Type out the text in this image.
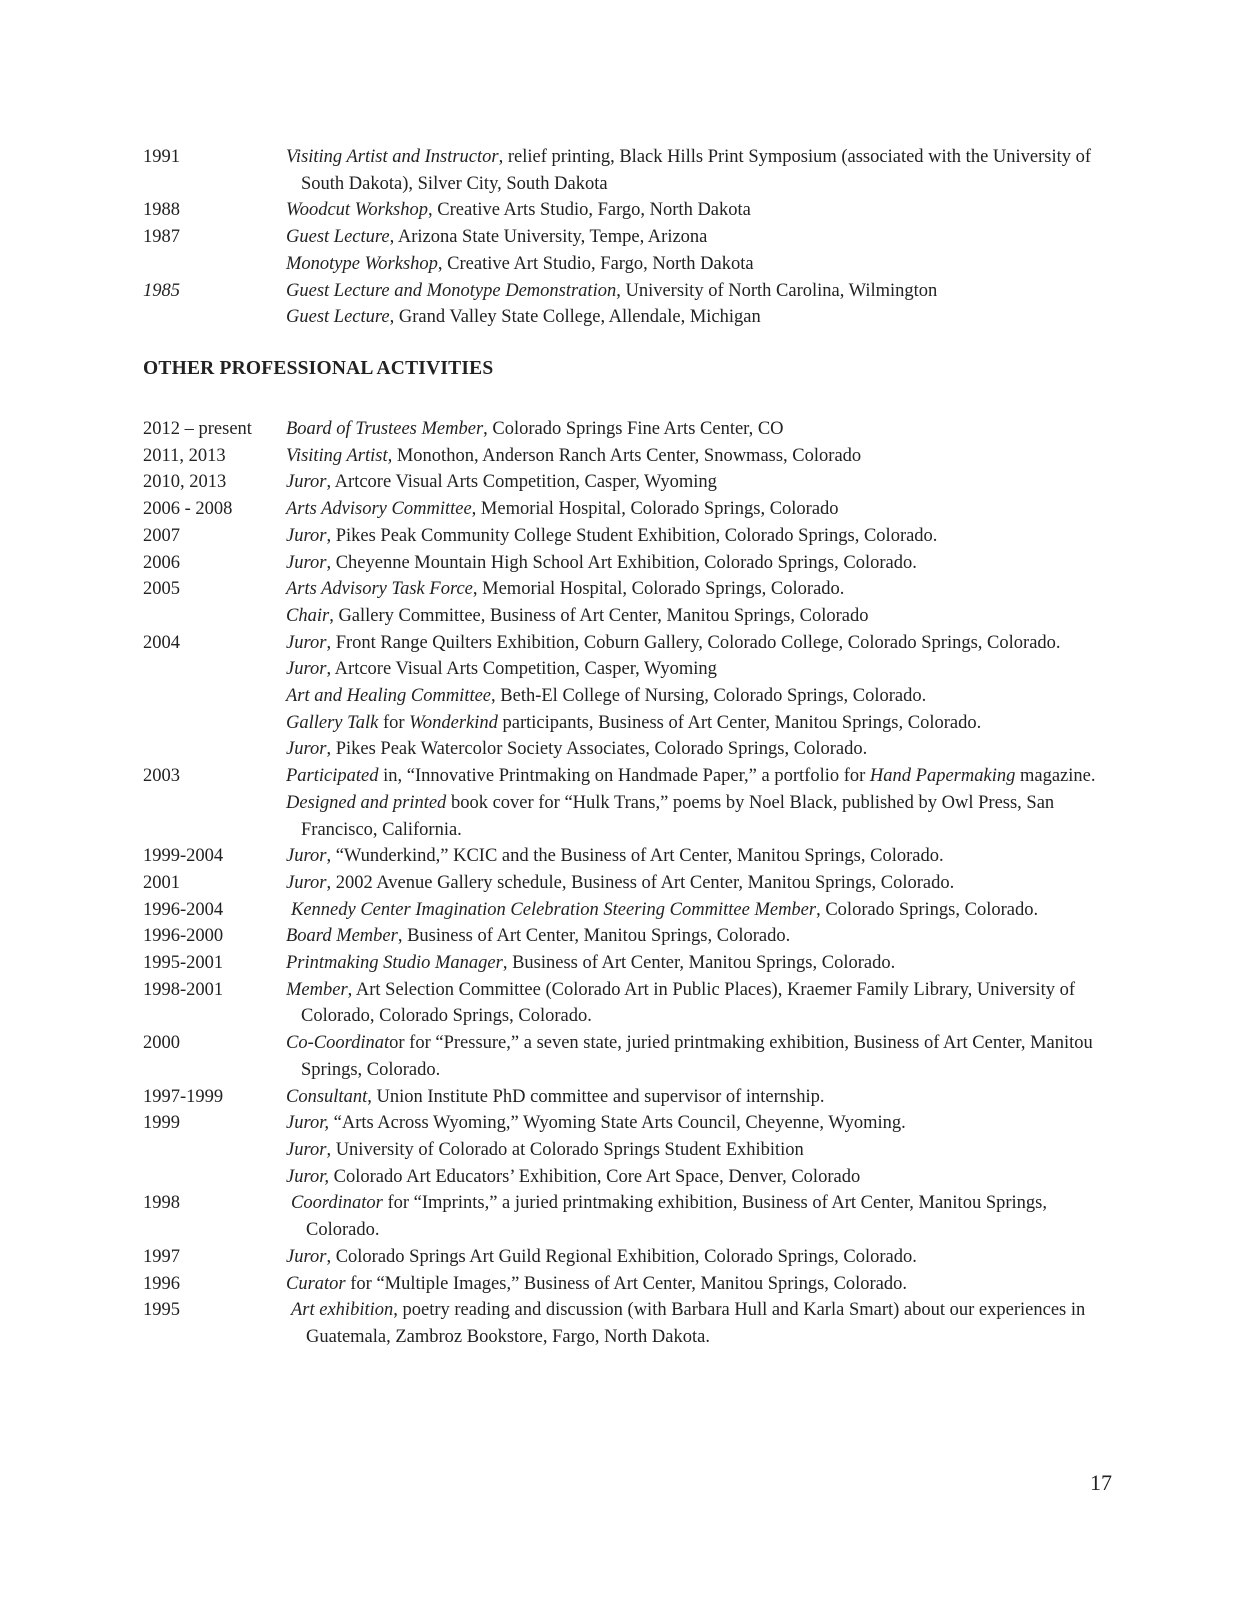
1991	Visiting Artist and Instructor, relief printing, Black Hills Print Symposium (associated with the University of South Dakota), Silver City, South Dakota
1988	Woodcut Workshop, Creative Arts Studio, Fargo, North Dakota
1987	Guest Lecture, Arizona State University, Tempe, Arizona
Monotype Workshop, Creative Art Studio, Fargo, North Dakota
1985	Guest Lecture and Monotype Demonstration, University of North Carolina, Wilmington
Guest Lecture, Grand Valley State College, Allendale, Michigan
OTHER PROFESSIONAL ACTIVITIES
2012 – present	Board of Trustees Member, Colorado Springs Fine Arts Center, CO
2011, 2013	Visiting Artist, Monothon, Anderson Ranch Arts Center, Snowmass, Colorado
2010, 2013	Juror, Artcore Visual Arts Competition, Casper, Wyoming
2006 - 2008	Arts Advisory Committee, Memorial Hospital, Colorado Springs, Colorado
2007	Juror, Pikes Peak Community College Student Exhibition, Colorado Springs, Colorado.
2006	Juror, Cheyenne Mountain High School Art Exhibition, Colorado Springs, Colorado.
2005	Arts Advisory Task Force, Memorial Hospital, Colorado Springs, Colorado.
Chair, Gallery Committee, Business of Art Center, Manitou Springs, Colorado
2004	Juror, Front Range Quilters Exhibition, Coburn Gallery, Colorado College, Colorado Springs, Colorado.
Juror, Artcore Visual Arts Competition, Casper, Wyoming
Art and Healing Committee, Beth-El College of Nursing, Colorado Springs, Colorado.
Gallery Talk for Wonderkind participants, Business of Art Center, Manitou Springs, Colorado.
Juror, Pikes Peak Watercolor Society Associates, Colorado Springs, Colorado.
2003	Participated in, “Innovative Printmaking on Handmade Paper,” a portfolio for Hand Papermaking magazine.
Designed and printed book cover for “Hulk Trans,” poems by Noel Black, published by Owl Press, San Francisco, California.
1999-2004	Juror, “Wunderkind,” KCIC and the Business of Art Center, Manitou Springs, Colorado.
2001	Juror, 2002 Avenue Gallery schedule, Business of Art Center, Manitou Springs, Colorado.
1996-2004	Kennedy Center Imagination Celebration Steering Committee Member, Colorado Springs, Colorado.
1996-2000	Board Member, Business of Art Center, Manitou Springs, Colorado.
1995-2001	Printmaking Studio Manager, Business of Art Center, Manitou Springs, Colorado.
1998-2001	Member, Art Selection Committee (Colorado Art in Public Places), Kraemer Family Library, University of Colorado, Colorado Springs, Colorado.
2000	Co-Coordinator for “Pressure,” a seven state, juried printmaking exhibition, Business of Art Center, Manitou Springs, Colorado.
1997-1999	Consultant, Union Institute PhD committee and supervisor of internship.
1999	Juror, “Arts Across Wyoming,” Wyoming State Arts Council, Cheyenne, Wyoming.
Juror, University of Colorado at Colorado Springs Student Exhibition
Juror, Colorado Art Educators’ Exhibition, Core Art Space, Denver, Colorado
1998	Coordinator for “Imprints,” a juried printmaking exhibition, Business of Art Center, Manitou Springs, Colorado.
1997	Juror, Colorado Springs Art Guild Regional Exhibition, Colorado Springs, Colorado.
1996	Curator for “Multiple Images,” Business of Art Center, Manitou Springs, Colorado.
1995	Art exhibition, poetry reading and discussion (with Barbara Hull and Karla Smart) about our experiences in Guatemala, Zambroz Bookstore, Fargo, North Dakota.
17
